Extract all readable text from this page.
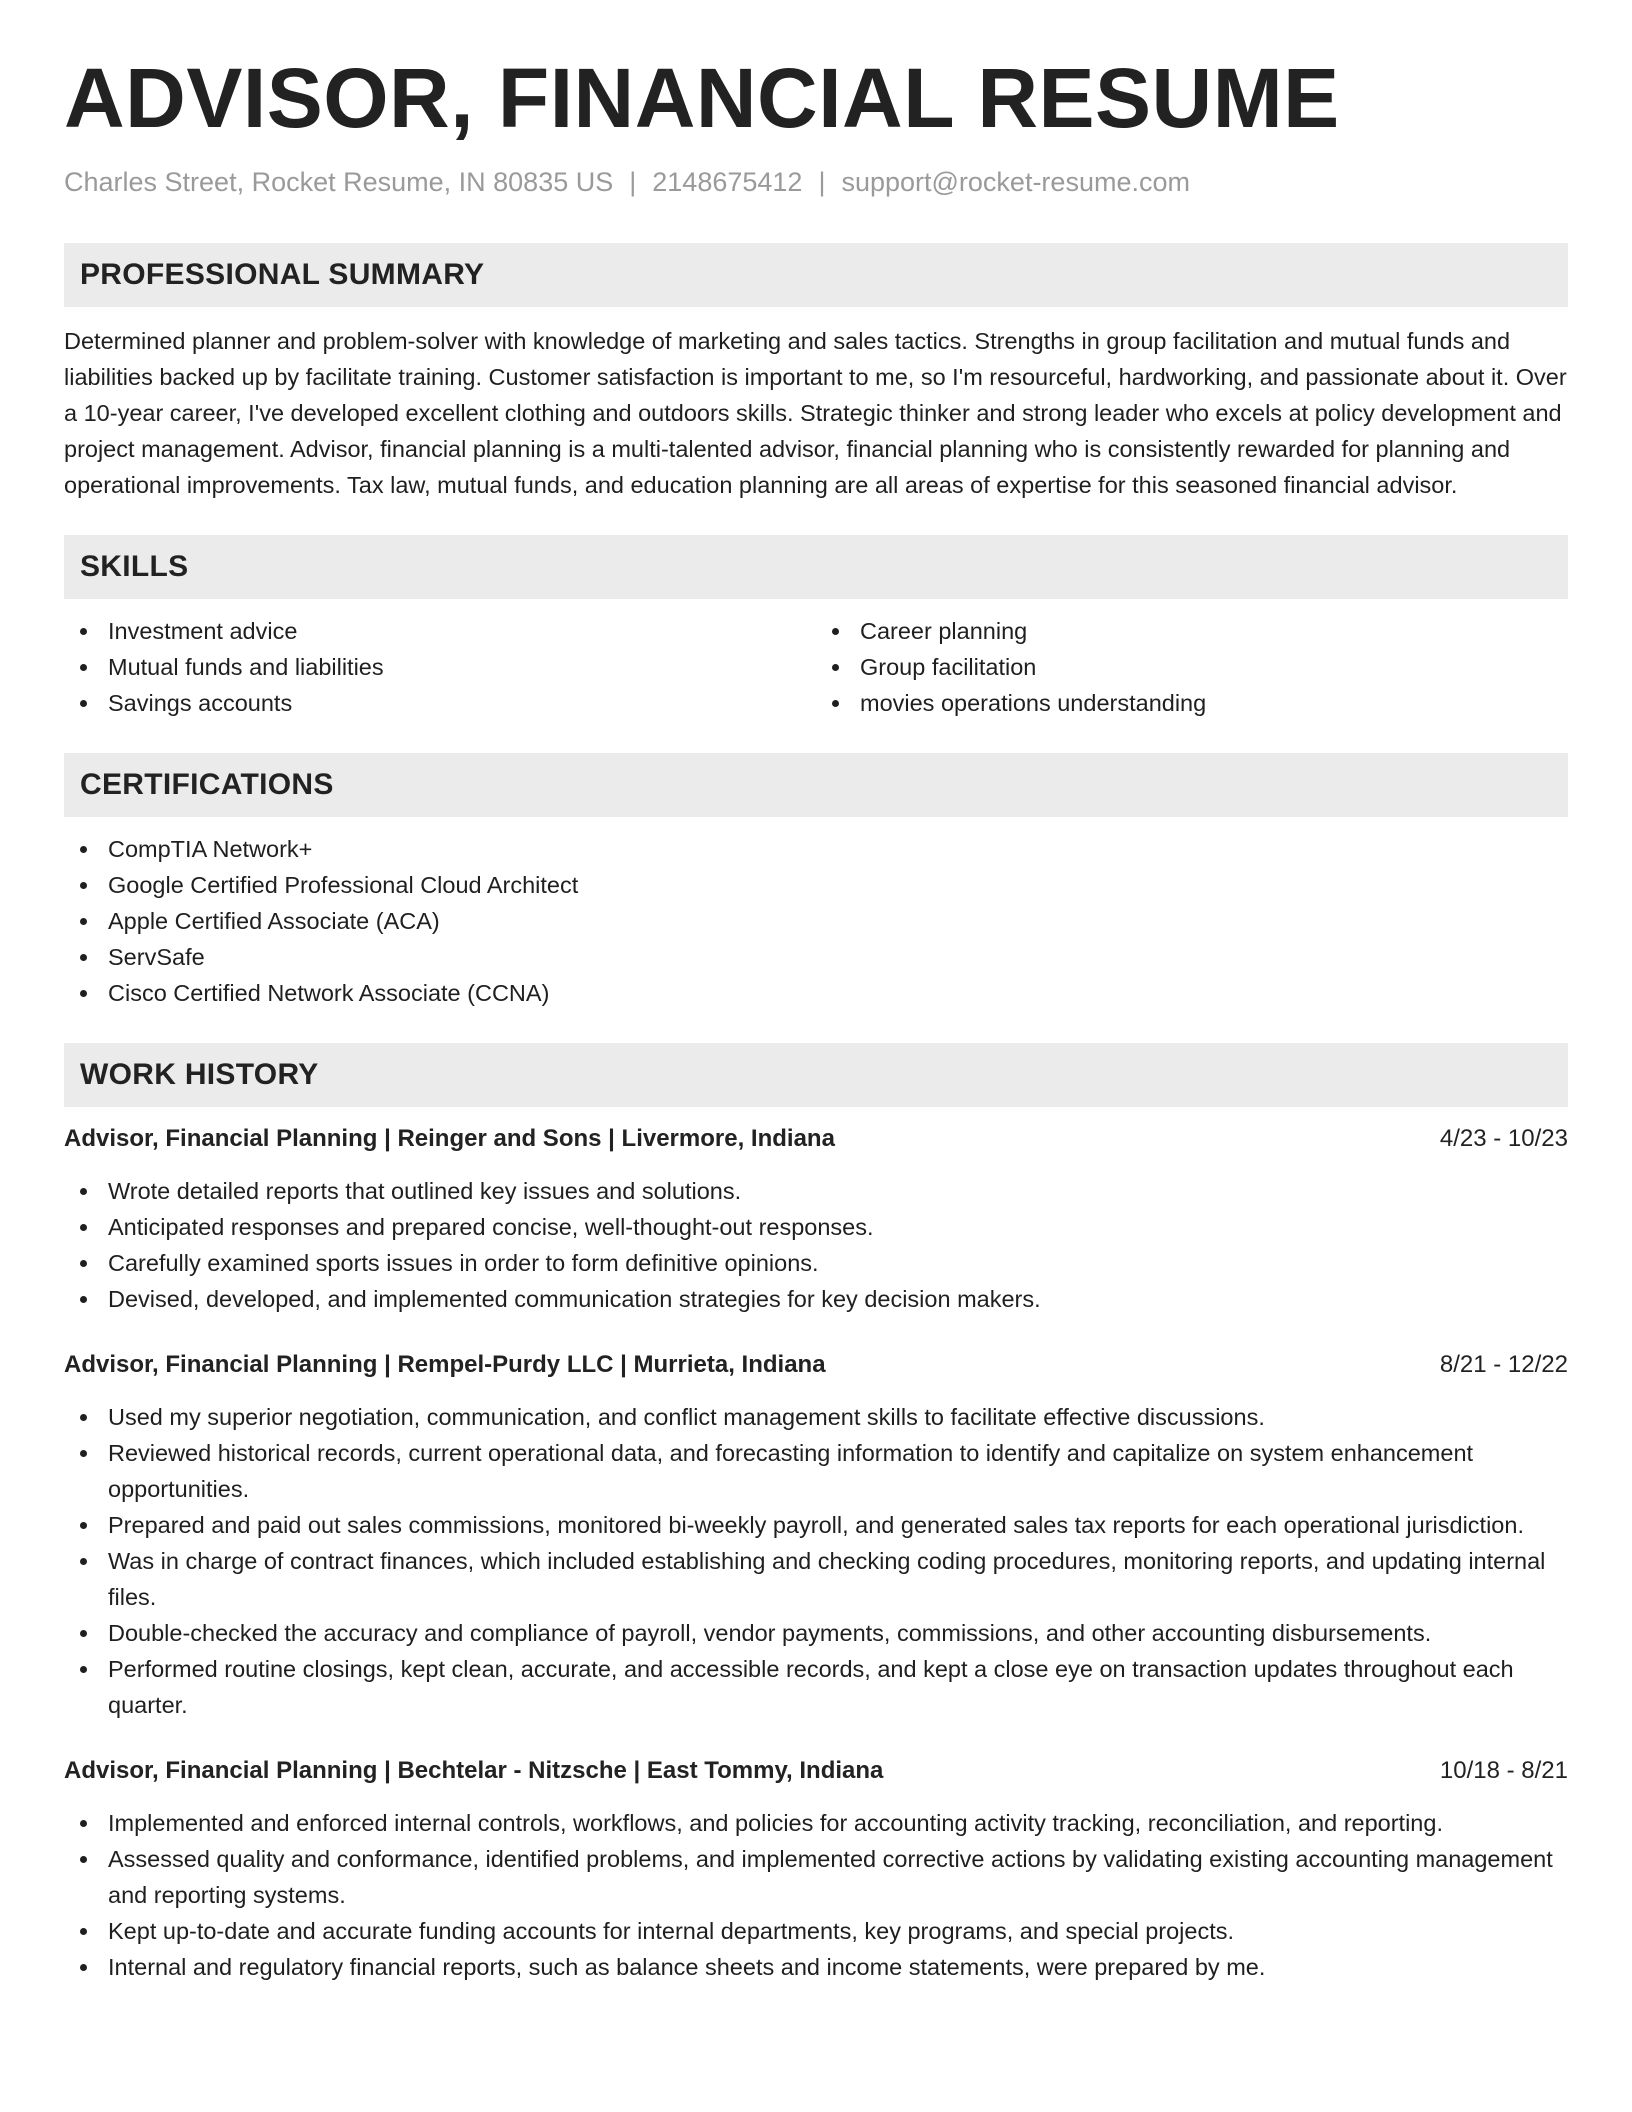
ADVISOR, FINANCIAL RESUME
Charles Street, Rocket Resume, IN 80835 US | 2148675412 | support@rocket-resume.com
PROFESSIONAL SUMMARY

Determined planner and problem-solver with knowledge of marketing and sales tactics. Strengths in group facilitation and mutual funds and liabilities backed up by facilitate training. Customer satisfaction is important to me, so I'm resourceful, hardworking, and passionate about it. Over a 10-year career, I've developed excellent clothing and outdoors skills. Strategic thinker and strong leader who excels at policy development and project management. Advisor, financial planning is a multi-talented advisor, financial planning who is consistently rewarded for planning and operational improvements. Tax law, mutual funds, and education planning are all areas of expertise for this seasoned financial advisor.

SKILLS
Investment advice
Mutual funds and liabilities
Savings accounts
Career planning
Group facilitation
movies operations understanding
CERTIFICATIONS
CompTIA Network+
Google Certified Professional Cloud Architect
Apple Certified Associate (ACA)
ServSafe
Cisco Certified Network Associate (CCNA)
WORK HISTORY
Advisor, Financial Planning | Reinger and Sons | Livermore, Indiana	4/23 - 10/23
Wrote detailed reports that outlined key issues and solutions.
Anticipated responses and prepared concise, well-thought-out responses.
Carefully examined sports issues in order to form definitive opinions.
Devised, developed, and implemented communication strategies for key decision makers.
Advisor, Financial Planning | Rempel-Purdy LLC | Murrieta, Indiana	8/21 - 12/22
Used my superior negotiation, communication, and conflict management skills to facilitate effective discussions.
Reviewed historical records, current operational data, and forecasting information to identify and capitalize on system enhancement opportunities.
Prepared and paid out sales commissions, monitored bi-weekly payroll, and generated sales tax reports for each operational jurisdiction.
Was in charge of contract finances, which included establishing and checking coding procedures, monitoring reports, and updating internal files.
Double-checked the accuracy and compliance of payroll, vendor payments, commissions, and other accounting disbursements.
Performed routine closings, kept clean, accurate, and accessible records, and kept a close eye on transaction updates throughout each quarter.
Advisor, Financial Planning | Bechtelar - Nitzsche | East Tommy, Indiana	10/18 - 8/21
Implemented and enforced internal controls, workflows, and policies for accounting activity tracking, reconciliation, and reporting.
Assessed quality and conformance, identified problems, and implemented corrective actions by validating existing accounting management and reporting systems.
Kept up-to-date and accurate funding accounts for internal departments, key programs, and special projects.
Internal and regulatory financial reports, such as balance sheets and income statements, were prepared by me.
